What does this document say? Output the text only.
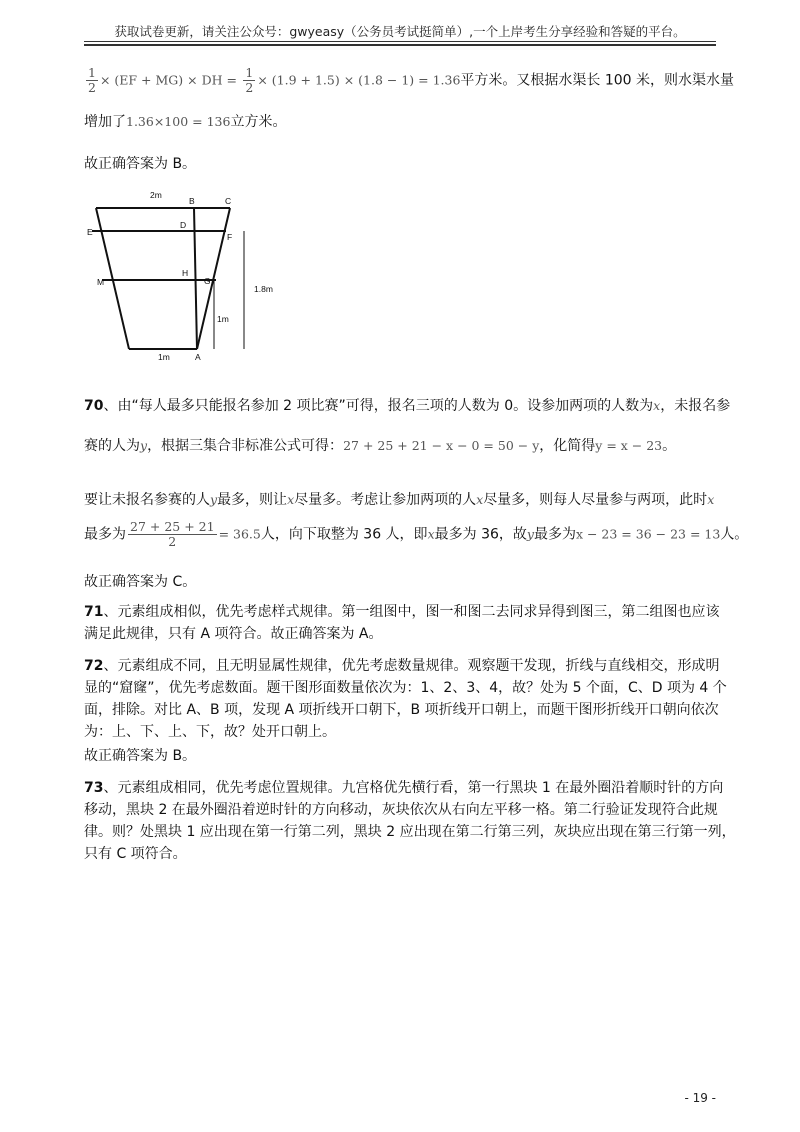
获取试卷更新，请关注公众号：gwyeasy（公务员考试挺简单）,一个上岸考生分享经验和答疑的平台。
$\frac{1}{2} \times (EF + MG)$ × DH = $\frac{1}{2} \times (1.9 + 1.5) \times (1.8 - 1) = 1.36$平方米。又根据水渠长 100 米，则水渠水量
增加了1.36×100 = 136立方米。
故正确答案为 B。
2m
B	C
D
E	F
H
G
M
1.8m
1m
1m	A
70、由“每人最多只能报名参加 2 项比赛”可得，报名三项的人数为 0。设参加两项的人数为x，未报名参
赛的人为y，根据三集合非标准公式可得：27 + 25 + 21 − x − 0 = 50 − y，化简得y = x − 23。
要让未报名参赛的人y最多，则让x尽量多。考虑让参加两项的人x尽量多，则每人尽量参与两项，此时x
最多为 $\frac{27 + 25 + 21}{2} = 36.5$人，向下取整为 36 人，即x最多为 36，故y最多为x − 23 = 36 − 23 = 13人。
故正确答案为 C。
71、元素组成相似，优先考虑样式规律。第一组图中，图一和图二去同求异得到图三，第二组图也应该
满足此规律，只有 A 项符合。故正确答案为 A。
72、元素组成不同，且无明显属性规律，优先考虑数量规律。观察题干发现，折线与直线相交，形成明
显的“窟窿”，优先考虑数面。题干图形面数量依次为：1、2、3、4，故？处为 5 个面，C、D 项为 4 个
面，排除。对比 A、B 项，发现 A 项折线开口朝下，B 项折线开口朝上，而题干图形折线开口朝向依次
为：上、下、上、下，故？处开口朝上。
故正确答案为 B。
73、元素组成相同，优先考虑位置规律。九宫格优先横行看，第一行黑块 1 在最外圈沿着顺时针的方向
移动，黑块 2 在最外圈沿着逆时针的方向移动，灰块依次从右向左平移一格。第二行验证发现符合此规
律。则？处黑块 1 应出现在第一行第二列，黑块 2 应出现在第二行第三列，灰块应出现在第三行第一列，
只有 C 项符合。
- 19 -
